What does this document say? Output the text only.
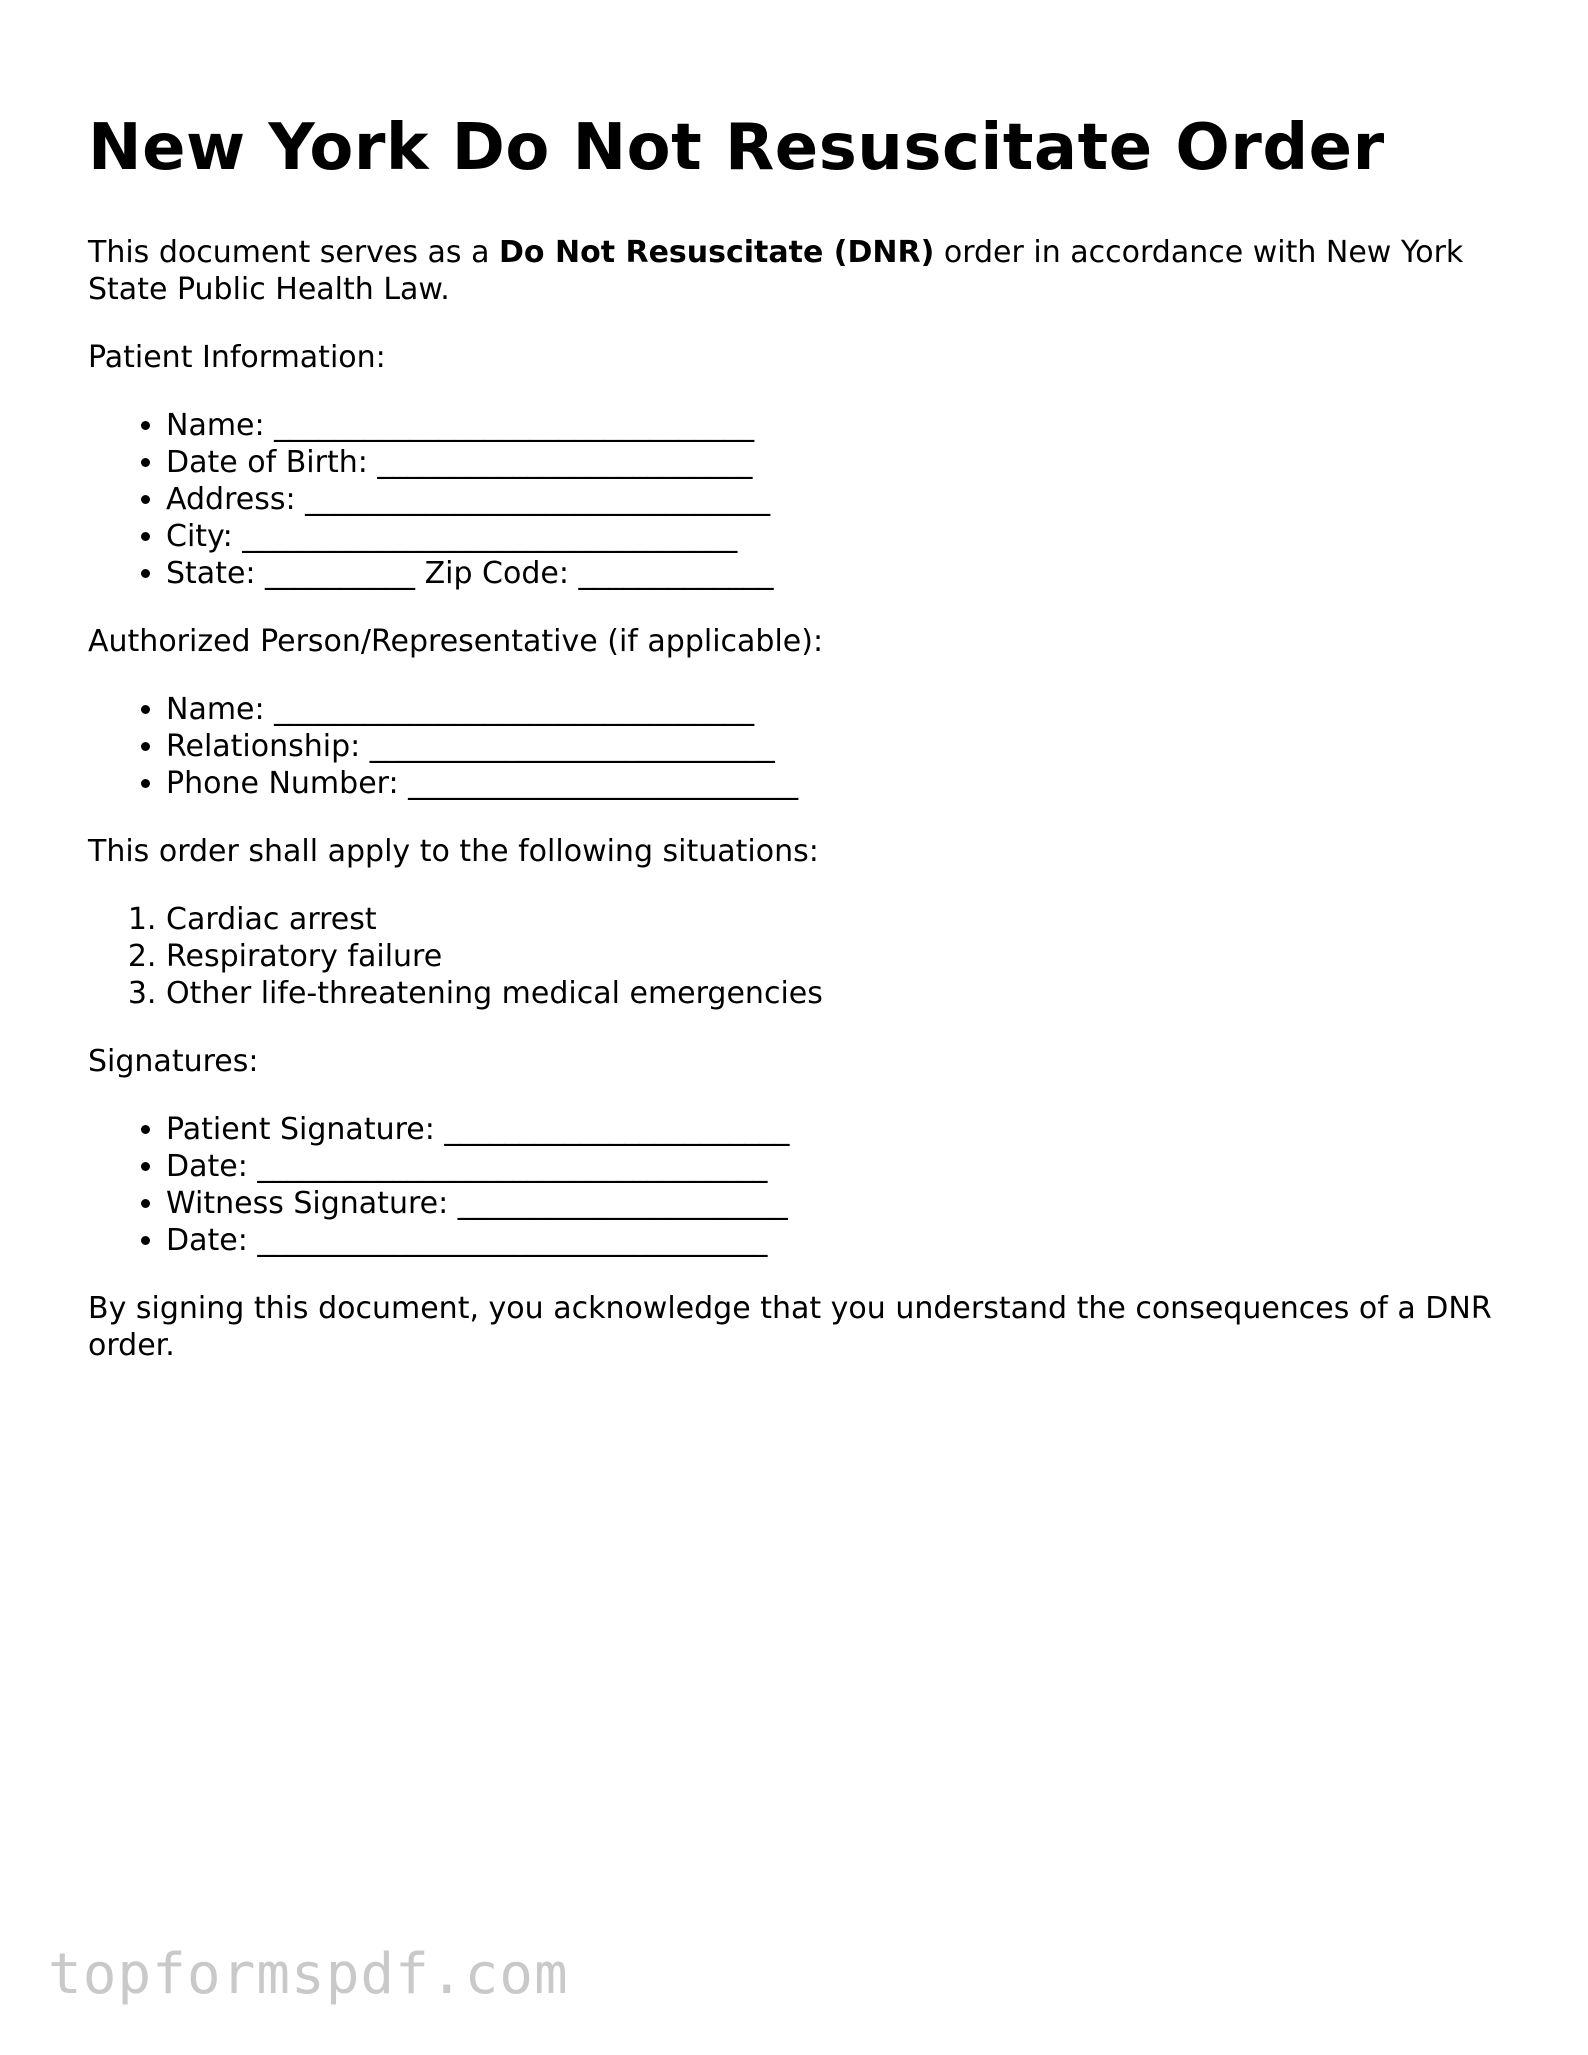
New York Do Not Resuscitate Order

This document serves as a Do Not Resuscitate (DNR) order in accordance with New York State Public Health Law.

Patient Information:

• Name: ________________________________
• Date of Birth: _________________________
• Address: _______________________________
• City: _________________________________
• State: __________ Zip Code: _____________

Authorized Person/Representative (if applicable):

• Name: ________________________________
• Relationship: ___________________________
• Phone Number: __________________________

This order shall apply to the following situations:

1. Cardiac arrest
2. Respiratory failure
3. Other life-threatening medical emergencies

Signatures:

• Patient Signature: _______________________
• Date: __________________________________
• Witness Signature: ______________________
• Date: __________________________________

By signing this document, you acknowledge that you understand the consequences of a DNR order.

topformspdf.com
